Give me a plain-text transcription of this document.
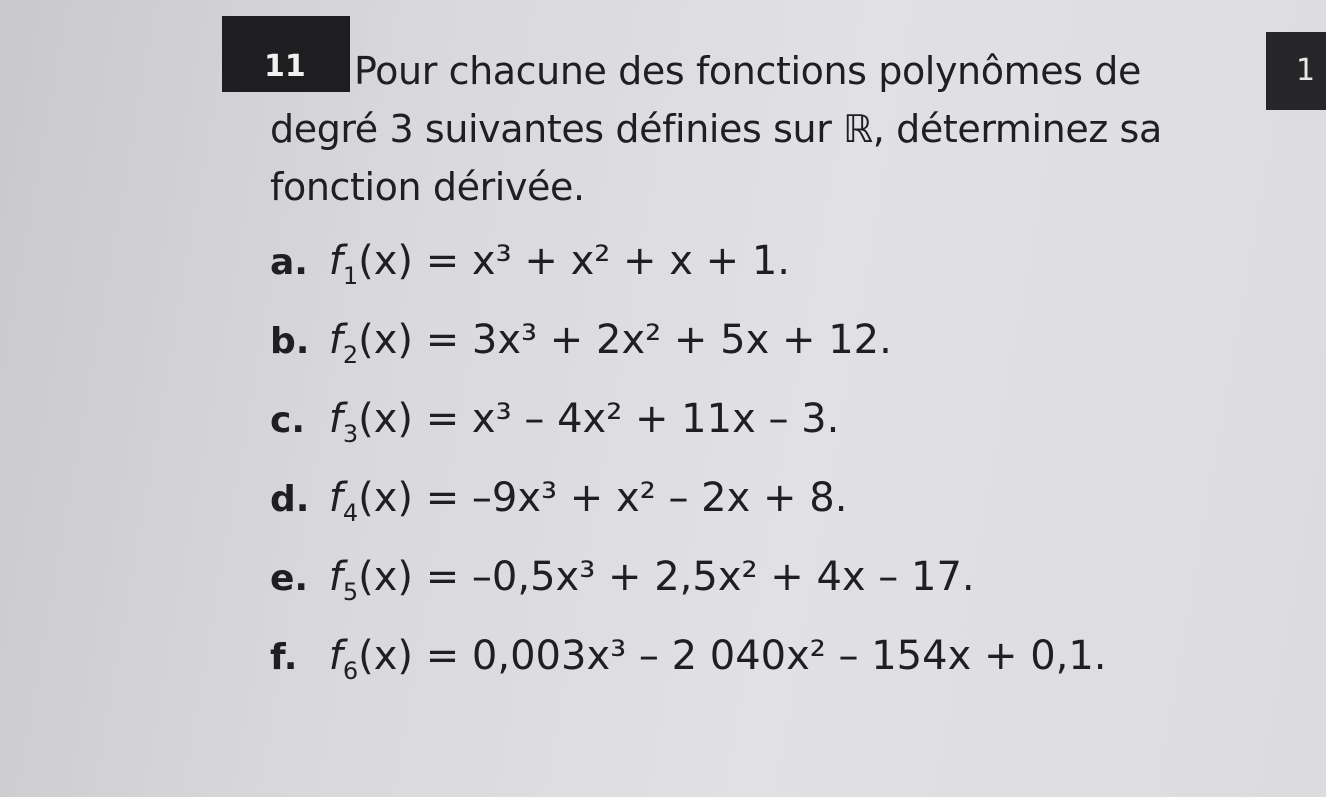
11	1

Pour chacune des fonctions polynômes de
degré 3 suivantes définies sur ℝ, déterminez sa
fonction dérivée.

a. $f_1(x) = x^3 + x^2 + x + 1$.
b. $f_2(x) = 3x^3 + 2x^2 + 5x + 12$.
c. $f_3(x) = x^3 - 4x^2 + 11x - 3$.
d. $f_4(x) = -9x^3 + x^2 - 2x + 8$.
e. $f_5(x) = -0,5x^3 + 2,5x^2 + 4x - 17$.
f. $f_6(x) = 0,003x^3 - 2$ 040x² – 154x + 0,1.
